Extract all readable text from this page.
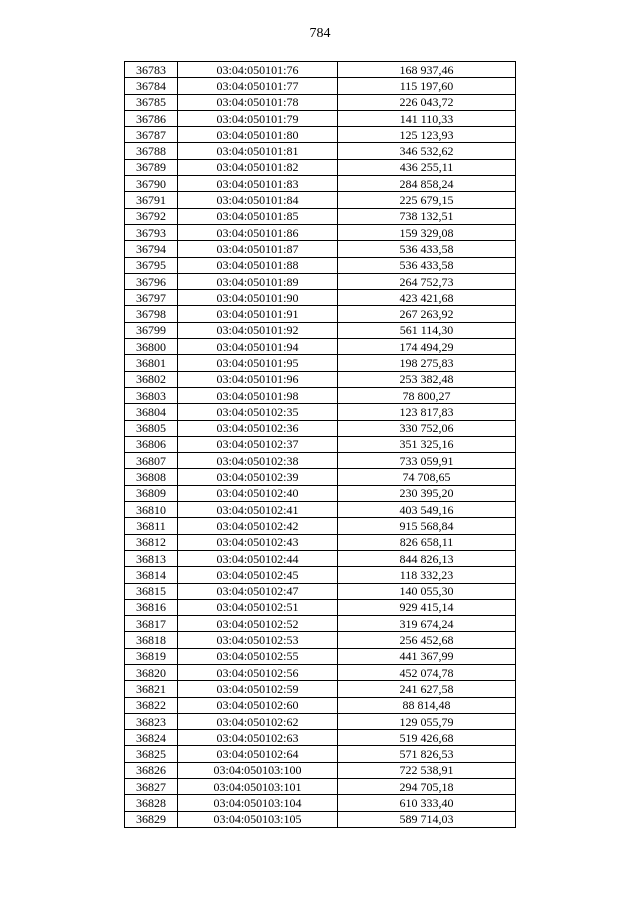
784
36783	03:04:050101:76	168 937,46
36784	03:04:050101:77	115 197,60
36785	03:04:050101:78	226 043,72
36786	03:04:050101:79	141 110,33
36787	03:04:050101:80	125 123,93
36788	03:04:050101:81	346 532,62
36789	03:04:050101:82	436 255,11
36790	03:04:050101:83	284 858,24
36791	03:04:050101:84	225 679,15
36792	03:04:050101:85	738 132,51
36793	03:04:050101:86	159 329,08
36794	03:04:050101:87	536 433,58
36795	03:04:050101:88	536 433,58
36796	03:04:050101:89	264 752,73
36797	03:04:050101:90	423 421,68
36798	03:04:050101:91	267 263,92
36799	03:04:050101:92	561 114,30
36800	03:04:050101:94	174 494,29
36801	03:04:050101:95	198 275,83
36802	03:04:050101:96	253 382,48
36803	03:04:050101:98	78 800,27
36804	03:04:050102:35	123 817,83
36805	03:04:050102:36	330 752,06
36806	03:04:050102:37	351 325,16
36807	03:04:050102:38	733 059,91
36808	03:04:050102:39	74 708,65
36809	03:04:050102:40	230 395,20
36810	03:04:050102:41	403 549,16
36811	03:04:050102:42	915 568,84
36812	03:04:050102:43	826 658,11
36813	03:04:050102:44	844 826,13
36814	03:04:050102:45	118 332,23
36815	03:04:050102:47	140 055,30
36816	03:04:050102:51	929 415,14
36817	03:04:050102:52	319 674,24
36818	03:04:050102:53	256 452,68
36819	03:04:050102:55	441 367,99
36820	03:04:050102:56	452 074,78
36821	03:04:050102:59	241 627,58
36822	03:04:050102:60	88 814,48
36823	03:04:050102:62	129 055,79
36824	03:04:050102:63	519 426,68
36825	03:04:050102:64	571 826,53
36826	03:04:050103:100	722 538,91
36827	03:04:050103:101	294 705,18
36828	03:04:050103:104	610 333,40
36829	03:04:050103:105	589 714,03
